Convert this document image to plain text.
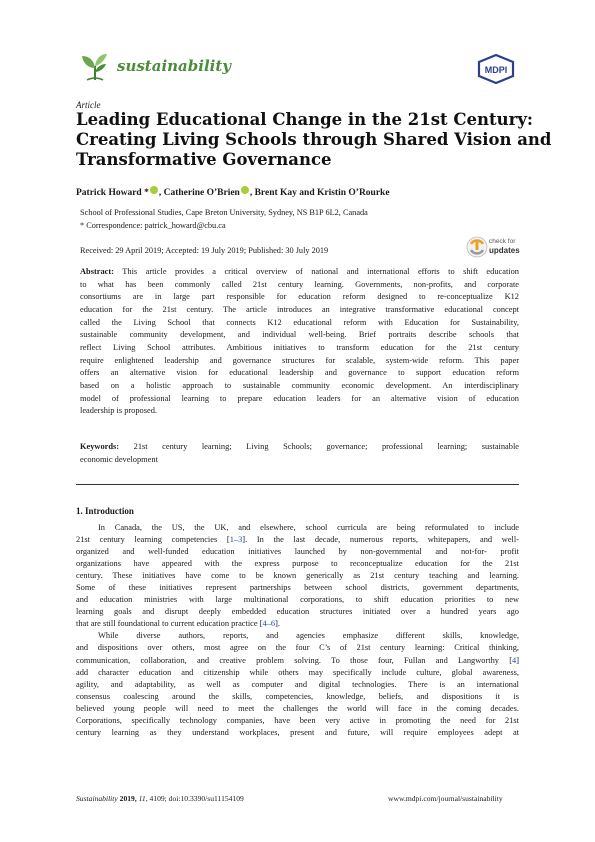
sustainability	MDPI
Article
Leading Educational Change in the 21st Century:
Creating Living Schools through Shared Vision and
Transformative Governance
Patrick Howard * , Catherine O’Brien , Brent Kay and Kristin O’Rourke
School of Professional Studies, Cape Breton University, Sydney, NS B1P 6L2, Canada
* Correspondence: patrick_howard@cbu.ca
Received: 29 April 2019; Accepted: 19 July 2019; Published: 30 July 2019
check for
updates
Abstract: This article provides a critical overview of national and international efforts to shift education
to what has been commonly called 21st century learning. Governments, non-profits, and corporate
consortiums are in large part responsible for education reform designed to re-conceptualize K12
education for the 21st century. The article introduces an integrative transformative educational concept
called the Living School that connects K12 educational reform with Education for Sustainability,
sustainable community development, and individual well-being. Brief portraits describe schools that
reflect Living School attributes. Ambitious initiatives to transform education for the 21st century
require enlightened leadership and governance structures for scalable, system-wide reform. This paper
offers an alternative vision for educational leadership and governance to support education reform
based on a holistic approach to sustainable community economic development. An interdisciplinary
model of professional learning to prepare education leaders for an alternative vision of education
leadership is proposed.
Keywords: 21st century learning; Living Schools; governance; professional learning; sustainable
economic development
1. Introduction
In Canada, the US, the UK, and elsewhere, school curricula are being reformulated to include
21st century learning competencies [1–3]. In the last decade, numerous reports, whitepapers, and well-
organized and well-funded education initiatives launched by non-governmental and not-for- profit
organizations have appeared with the express purpose to reconceptualize education for the 21st
century. These initiatives have come to be known generically as 21st century teaching and learning.
Some of these initiatives represent partnerships between school districts, government departments,
and education ministries with large multinational corporations, to shift education priorities to new
learning goals and disrupt deeply embedded education structures initiated over a hundred years ago
that are still foundational to current education practice [4–6].
While diverse authors, reports, and agencies emphasize different skills, knowledge,
and dispositions over others, most agree on the four C’s of 21st century learning: Critical thinking,
communication, collaboration, and creative problem solving. To those four, Fullan and Langworthy [4]
add character education and citizenship while others may specifically include culture, global awareness,
agility, and adaptability, as well as computer and digital technologies. There is an international
consensus coalescing around the skills, competencies, knowledge, beliefs, and dispositions it is
believed young people will need to meet the challenges the world will face in the coming decades.
Corporations, specifically technology companies, have been very active in promoting the need for 21st
century learning as they understand workplaces, present and future, will require employees adept at
Sustainability 2019, 11, 4109; doi:10.3390/su11154109	www.mdpi.com/journal/sustainability
